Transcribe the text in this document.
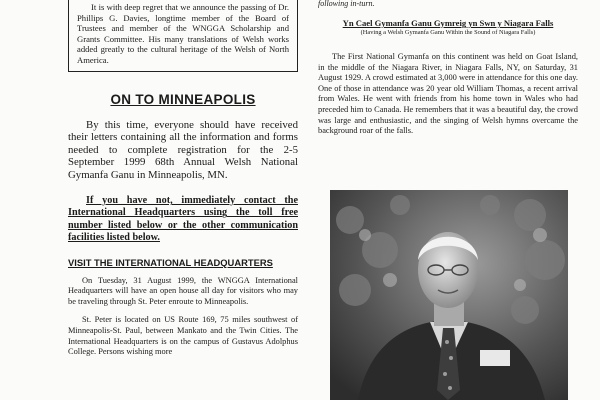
It is with deep regret that we announce the passing of Dr. Phillips G. Davies, longtime member of the Board of Trustees and member of the WNGGA Scholarship and Grants Committee. His many translations of Welsh works added greatly to the cultural heritage of the Welsh of North America.

ON TO MINNEAPOLIS

By this time, everyone should have received their letters containing all the information and forms needed to complete registration for the 2-5 September 1999 68th Annual Welsh National Gymanfa Ganu in Minneapolis, MN.

If you have not, immediately contact the International Headquarters using the toll free number listed below or the other communication facilities listed below.

VISIT THE INTERNATIONAL HEADQUARTERS

On Tuesday, 31 August 1999, the WNGGA International Headquarters will have an open house all day for visitors who may be traveling through St. Peter enroute to Minneapolis.

St. Peter is located on US Route 169, 75 miles southwest of Minneapolis-St. Paul, between Mankato and the Twin Cities. The International Headquarters is on the campus of Gustavus Adolphus College. Persons wishing more

following in-turn.

Yn Cael Gymanfa Ganu Gymreig yn Swn y Niagara Falls

(Having a Welsh Gymanfa Ganu Within the Sound of Niagara Falls)

The First National Gymanfa on this continent was held on Goat Island, in the middle of the Niagara River, in Niagara Falls, NY, on Saturday, 31 August 1929. A crowd estimated at 3,000 were in attendance for this one day. One of those in attendance was 20 year old William Thomas, a recent arrival from Wales. He went with friends from his home town in Wales who had preceded him to Canada. He remembers that it was a beautiful day, the crowd was large and enthusiastic, and the singing of Welsh hymns overcame the background roar of the falls.
